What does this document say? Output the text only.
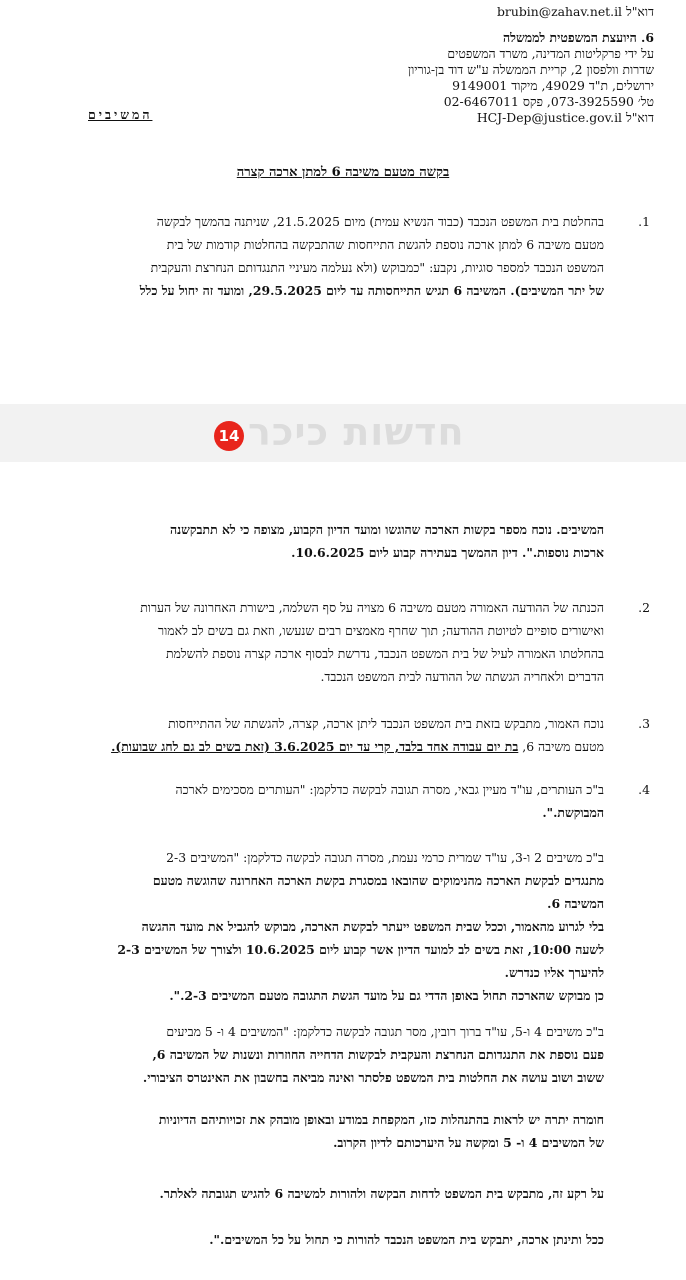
דוא"ל brubin@zahav.net.il
6. היועצת המשפטית לממשלה
על ידי פרקליטות המדינה, משרד המשפטים
שדרות וולפסון 2, קריית הממשלה ע"ש דוד בן-גוריון
ירושלים, ת"ד 49029, מיקוד 9149001
טל׳ 073-3925590, פקס 02-6467011
דוא"ל HCJ-Dep@justice.gov.il
המשיבים
בקשה מטעם משיבה 6 למתן ארכה קצרה
1.
בהחלטת בית המשפט הנכבד (כבוד הנשיא עמית) מיום 21.5.2025, שניתנה בהמשך לבקשה
מטעם משיבה 6 למתן ארכה נוספת להגשת התייחסות שהתבקשה בהחלטות קודמות של בית
המשפט הנכבד למספר סוגיות, נקבע: "כמבוקש (ולא נעלמה מעיניי התנגדותם הנחרצת והעקבית
של יתר המשיבים). המשיבה 6 תגיש התייחסותה עד ליום 29.5.2025, ומועד זה יחול על כלל
חדשות כיכר
14
המשיבים. נוכח מספר בקשות הארכה שהוגשו ומועד הדיון הקבוע, מצופה כי לא תתבקשנה
ארכות נוספות.". דיון ההמשך בעתירה קבוע ליום 10.6.2025.
2.
הכנתה של ההודעה האמורה מטעם משיבה 6 מצויה על סף השלמה, בישורת האחרונה של הערות
ואישורים סופיים לטיוטת ההודעה; תוך שחרף מאמצים רבים שנעשו, וזאת גם בשים לב לאמור
בהחלטתו האמורה לעיל של בית המשפט הנכבד, נדרשת לבסוף ארכה קצרה נוספת להשלמת
הדברים ולאחריה הגשתה של ההודעה לבית המשפט הנכבד.
3.
נוכח האמור, מתבקש בזאת בית המשפט הנכבד ליתן ארכה, קצרה, להגשתה של ההתייחסות
מטעם משיבה 6, בת יום עבודה אחד בלבד, קרי עד יום 3.6.2025 (זאת בשים לב גם לחג שבועות).
4.
ב"כ העותרים, עו"ד מעיין גבאי, מסרה תגובה לבקשה כדלקמן: "העותרים מסכימים לארכה
המבוקשת.".
ב"כ משיבים 2 ו-3, עו"ד שמרית כרמי נעמת, מסרה תגובה לבקשה כדלקמן: "המשיבים 2-3
מתנגדים לבקשת הארכה מהנימוקים שהובאו במסגרת בקשת הארכה האחרונה שהוגשה מטעם
המשיבה 6.
בלי לגרוע מהאמור, וככל שבית המשפט ייעתר לבקשת הארכה, מבוקש להגביל את מועד ההגשה
לשעה 10:00, זאת בשים לב למועד הדיון אשר קבוע ליום 10.6.2025 ולצורך של המשיבים 2-3
להיערך אליו כנדרש.
כן מבוקש שהארכה תחול באופן הדדי גם על מועד הגשת התגובה מטעם המשיבים 2-3.".
ב"כ משיבים 4 ו-5, עו"ד ברוך רובין, מסר תגובה לבקשה כדלקמן: "המשיבים 4 ו- 5 מביעים
פעם נוספת את התנגדותם הנחרצת והעקבית לבקשות הדחייה החוזרות ונשנות של המשיבה 6,
ששוב ושוב עושה את החלטות בית המשפט פלסתר ואינה מביאה בחשבון את האינטרס הציבורי.
חומרה יתרה יש לראות בהתנהלות כזו, המקפחת במודע ובאופן מובהק את זכויותיהם הדיוניות
של המשיבים 4 ו- 5 ומקשה על היערכותם לדיון הקרוב.
על רקע זה, מתבקש בית המשפט לדחות הבקשה ולהורות למשיבה 6 להגיש תגובתה לאלתר.
ככל ותינתן ארכה, יתבקש בית המשפט הנכבד להורות כי תחול על כל המשיבים.".
